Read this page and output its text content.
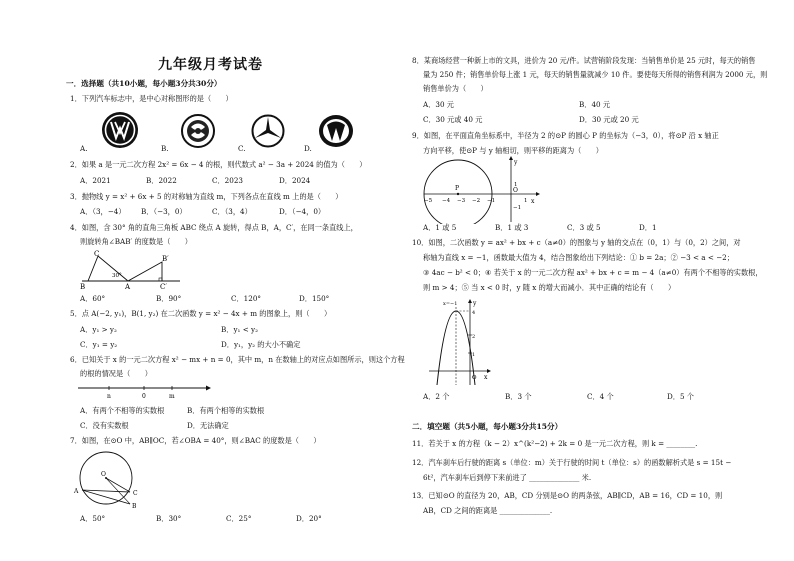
九年级月考试卷
一．选择题（共10小题，每小题3分共30分）
1．下列汽车标志中，是中心对称图形的是（　　）
A.	B.	C.	D.
2．如果 a 是一元二次方程 2x² = 6x − 4 的根，则代数式 a² − 3a + 2024 的值为（　　）
A．2021	B．2022	C．2023	D．2024
3．抛物线 y = x² + 6x + 5 的对称轴为直线 m，下列各点在直线 m 上的是（　　）
A．（3，−4） B．（−3，0）	C．（3，4）	D．（−4，0）
4．如图，含 30° 角的直角三角板 ABC 绕点 A 旋转，得点 B，A，C′，在同一条直线上，
则旋转角∠BAB′ 的度数是（　　）
C
B	A	C′
B′
30°
A．60°	B．90°	C．120°	D．150°
5．点 A(−2, y₁)，B(1, y₂) 在二次函数 y = x² − 4x + m 的图象上，则（　　）
A．y₁ > y₂	B．y₁ < y₂
C．y₁ = y₂	D．y₁，y₂ 的大小不确定
6．已知关于 x 的一元二次方程 x² − mx + n = 0，其中 m，n 在数轴上的对应点如图所示，则这个方程
的根的情况是（　　）
n	0	m
A．有两个不相等的实数根	B．有两个相等的实数根
C．没有实数根	D．无法确定
7．如图，在⊙O 中，AB∥OC，若∠OBA = 40°，则∠BAC 的度数是（　　）
O
A	C
B
A．50°	B．30°	C．25°	D．20°
8．某商场经营一种新上市的文具，进价为 20 元/件。试营销阶段发现：当销售单价是 25 元时，每天的销售
量为 250 件；销售单价每上涨 1 元，每天的销售量就减少 10 件。要使每天所得的销售利润为 2000 元，则
销售单价为（　　）
A．30 元	B．40 元
C．30 元或 40 元	D．30 元或 20 元
9．如图，在平面直角坐标系中，半径为 2 的⊙P 的圆心 P 的坐标为（−3，0），将⊙P 沿 x 轴正
方向平移，使⊙P 与 y 轴相切，则平移的距离为（　　）
P	O
x
y
1
−1
−5 −4 −3 −2 −1	1
A．1 或 5	B．1 或 3	C．3 或 5	D．1
10．如图，二次函数 y = ax² + bx + c（a≠0）的图象与 y 轴的交点在（0，1）与（0，2）之间，对
称轴为直线 x = −1，函数最大值为 4，结合图象给出下列结论：① b = 2a；② −3 < a < −2；
③ 4ac − b² < 0；④ 若关于 x 的一元二次方程 ax² + bx + c = m − 4（a≠0）有两个不相等的实数根，
则 m > 4；⑤ 当 x < 0 时，y 随 x 的增大而减小．其中正确的结论有（　　）
x=−1	y
x
O
4
2
1
A．2 个	B．3 个	C．4 个	D．5 个
二．填空题（共5小题，每小题3分共15分）
11．若关于 x 的方程（k − 2）x^(k²−2) + 2k = 0 是一元二次方程，则 k = ________.
12．汽车刹车后行驶的距离 s（单位：m）关于行驶的时间 t（单位：s）的函数解析式是 s = 15t −
6t²，汽车刹车后到停下来前进了 ______________ 米.
13．已知⊙O 的直径为 20，AB，CD 分别是⊙O 的两条弦，AB∥CD，AB = 16，CD = 10，则
AB，CD 之间的距离是 ______________.
